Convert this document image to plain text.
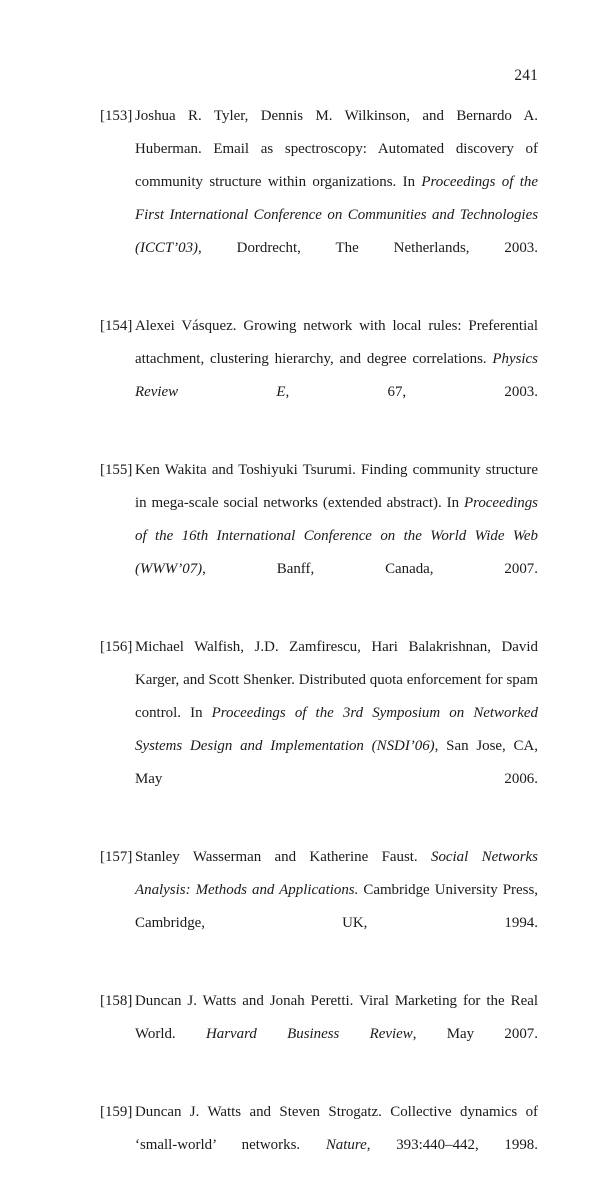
241
[153] Joshua R. Tyler, Dennis M. Wilkinson, and Bernardo A. Huberman. Email as spectroscopy: Automated discovery of community structure within organizations. In Proceedings of the First International Conference on Communities and Technologies (ICCT’03), Dordrecht, The Netherlands, 2003.
[154] Alexei Vásquez. Growing network with local rules: Preferential attachment, clustering hierarchy, and degree correlations. Physics Review E, 67, 2003.
[155] Ken Wakita and Toshiyuki Tsurumi. Finding community structure in mega-scale social networks (extended abstract). In Proceedings of the 16th International Conference on the World Wide Web (WWW’07), Banff, Canada, 2007.
[156] Michael Walfish, J.D. Zamfirescu, Hari Balakrishnan, David Karger, and Scott Shenker. Distributed quota enforcement for spam control. In Proceedings of the 3rd Symposium on Networked Systems Design and Implementation (NSDI’06), San Jose, CA, May 2006.
[157] Stanley Wasserman and Katherine Faust. Social Networks Analysis: Methods and Applications. Cambridge University Press, Cambridge, UK, 1994.
[158] Duncan J. Watts and Jonah Peretti. Viral Marketing for the Real World. Harvard Business Review, May 2007.
[159] Duncan J. Watts and Steven Strogatz. Collective dynamics of ‘small-world’ networks. Nature, 393:440–442, 1998.
